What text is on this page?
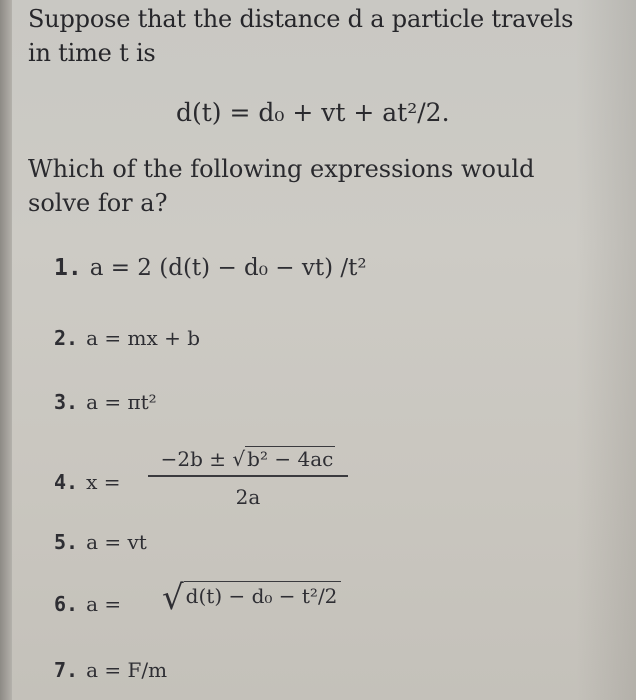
Suppose that the distance d a particle travels
in time t is
d(t) = d₀ + vt + at²/2.
Which of the following expressions would
solve for a?
1. a = 2 (d(t) − d₀ − vt) /t²
2. a = mx + b
3. a = πt²
4. x =
−2b ± √ b² − 4ac
2a
5. a = vt
6. a = √ d(t) − d₀ − t²/2
7. a = F/m
